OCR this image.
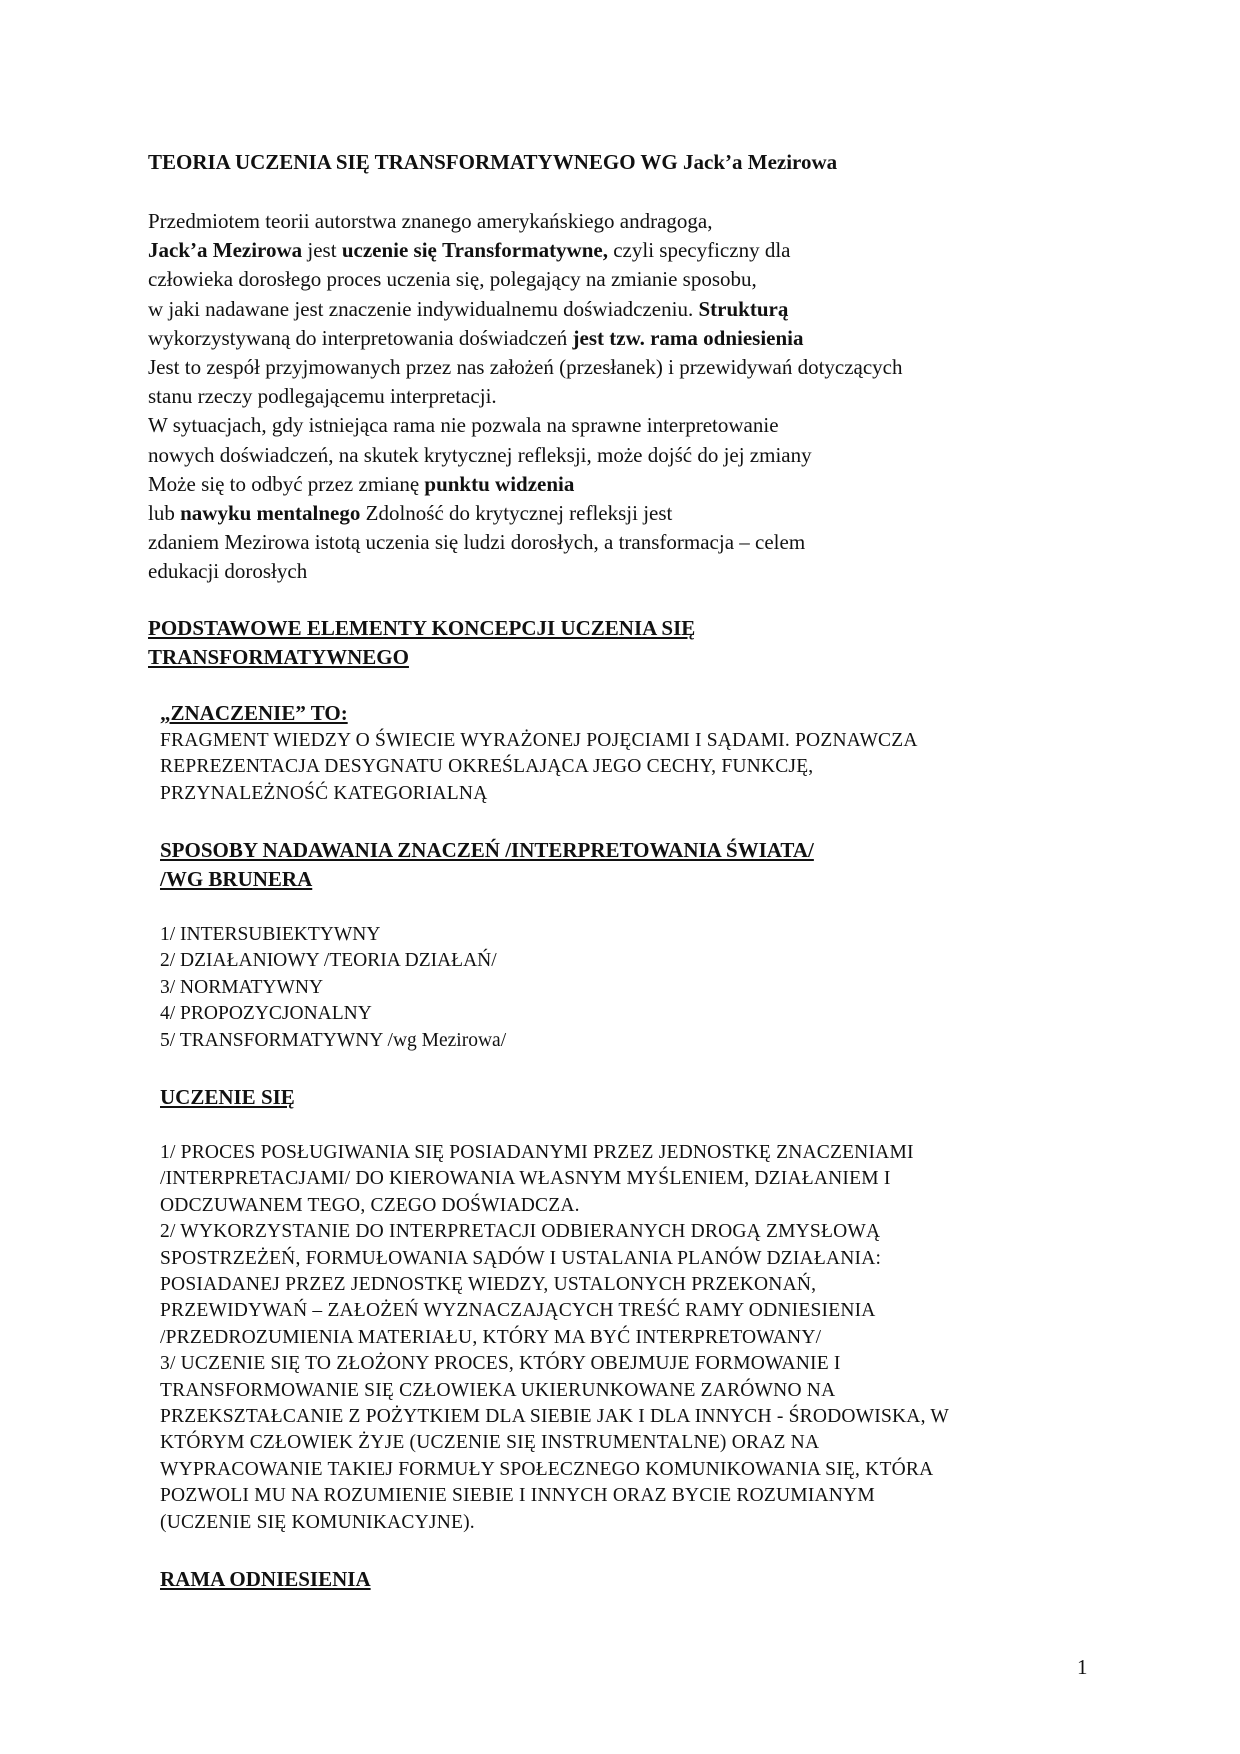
TEORIA UCZENIA SIĘ TRANSFORMATYWNEGO WG Jack’a Mezirowa
Przedmiotem teorii autorstwa znanego amerykańskiego andragoga,
Jack’a Mezirowa jest uczenie się Transformatywne, czyli specyficzny dla
człowieka dorosłego proces uczenia się, polegający na zmianie sposobu,
w jaki nadawane jest znaczenie indywidualnemu doświadczeniu. Strukturą
wykorzystywaną do interpretowania doświadczeń jest tzw. rama odniesienia
Jest to zespół przyjmowanych przez nas założeń (przesłanek) i przewidywań dotyczących
stanu rzeczy podlegającemu interpretacji.
W sytuacjach, gdy istniejąca rama nie pozwala na sprawne interpretowanie
nowych doświadczeń, na skutek krytycznej refleksji, może dojść do jej zmiany
Może się to odbyć przez zmianę punktu widzenia
lub nawyku mentalnego Zdolność do krytycznej refleksji jest
zdaniem Mezirowa istotą uczenia się ludzi dorosłych, a transformacja – celem
edukacji dorosłych
PODSTAWOWE ELEMENTY KONCEPCJI UCZENIA SIĘ
TRANSFORMATYWNEGO
„ZNACZENIE” TO:
FRAGMENT WIEDZY O ŚWIECIE WYRAŻONEJ POJĘCIAMI I SĄDAMI. POZNAWCZA
REPREZENTACJA DESYGNATU OKREŚLAJĄCA JEGO CECHY, FUNKCJĘ,
PRZYNALEŻNOŚĆ KATEGORIALNĄ
SPOSOBY NADAWANIA ZNACZEŃ /INTERPRETOWANIA ŚWIATA/
/WG BRUNERA
1/ INTERSUBIEKTYWNY
2/ DZIAŁANIOWY /TEORIA DZIAŁAŃ/
3/ NORMATYWNY
4/ PROPOZYCJONALNY
5/ TRANSFORMATYWNY /wg Mezirowa/
UCZENIE SIĘ
1/ PROCES POSŁUGIWANIA SIĘ POSIADANYMI PRZEZ JEDNOSTKĘ ZNACZENIAMI
/INTERPRETACJAMI/ DO KIEROWANIA WŁASNYM MYŚLENIEM, DZIAŁANIEM I
ODCZUWANEM TEGO, CZEGO DOŚWIADCZA.
2/ WYKORZYSTANIE DO INTERPRETACJI ODBIERANYCH DROGĄ ZMYSŁOWĄ
SPOSTRZEŻEŃ, FORMUŁOWANIA SĄDÓW I USTALANIA PLANÓW DZIAŁANIA:
POSIADANEJ PRZEZ JEDNOSTKĘ WIEDZY, USTALONYCH PRZEKONAŃ,
PRZEWIDYWAŃ – ZAŁOŻEŃ WYZNACZAJĄCYCH TREŚĆ RAMY ODNIESIENIA
/PRZEDROZUMIENIA MATERIAŁU, KTÓRY MA BYĆ INTERPRETOWANY/
3/ UCZENIE SIĘ TO ZŁOŻONY PROCES, KTÓRY OBEJMUJE FORMOWANIE I
TRANSFORMOWANIE SIĘ CZŁOWIEKA UKIERUNKOWANE ZARÓWNO NA
PRZEKSZTAŁCANIE Z POŻYTKIEM DLA SIEBIE JAK I DLA INNYCH - ŚRODOWISKA, W
KTÓRYM CZŁOWIEK ŻYJE (UCZENIE SIĘ INSTRUMENTALNE) ORAZ NA
WYPRACOWANIE TAKIEJ FORMUŁY SPOŁECZNEGO KOMUNIKOWANIA SIĘ, KTÓRA
POZWOLI MU NA ROZUMIENIE SIEBIE I INNYCH ORAZ BYCIE ROZUMIANYM
(UCZENIE SIĘ KOMUNIKACYJNE).
RAMA ODNIESIENIA
1
